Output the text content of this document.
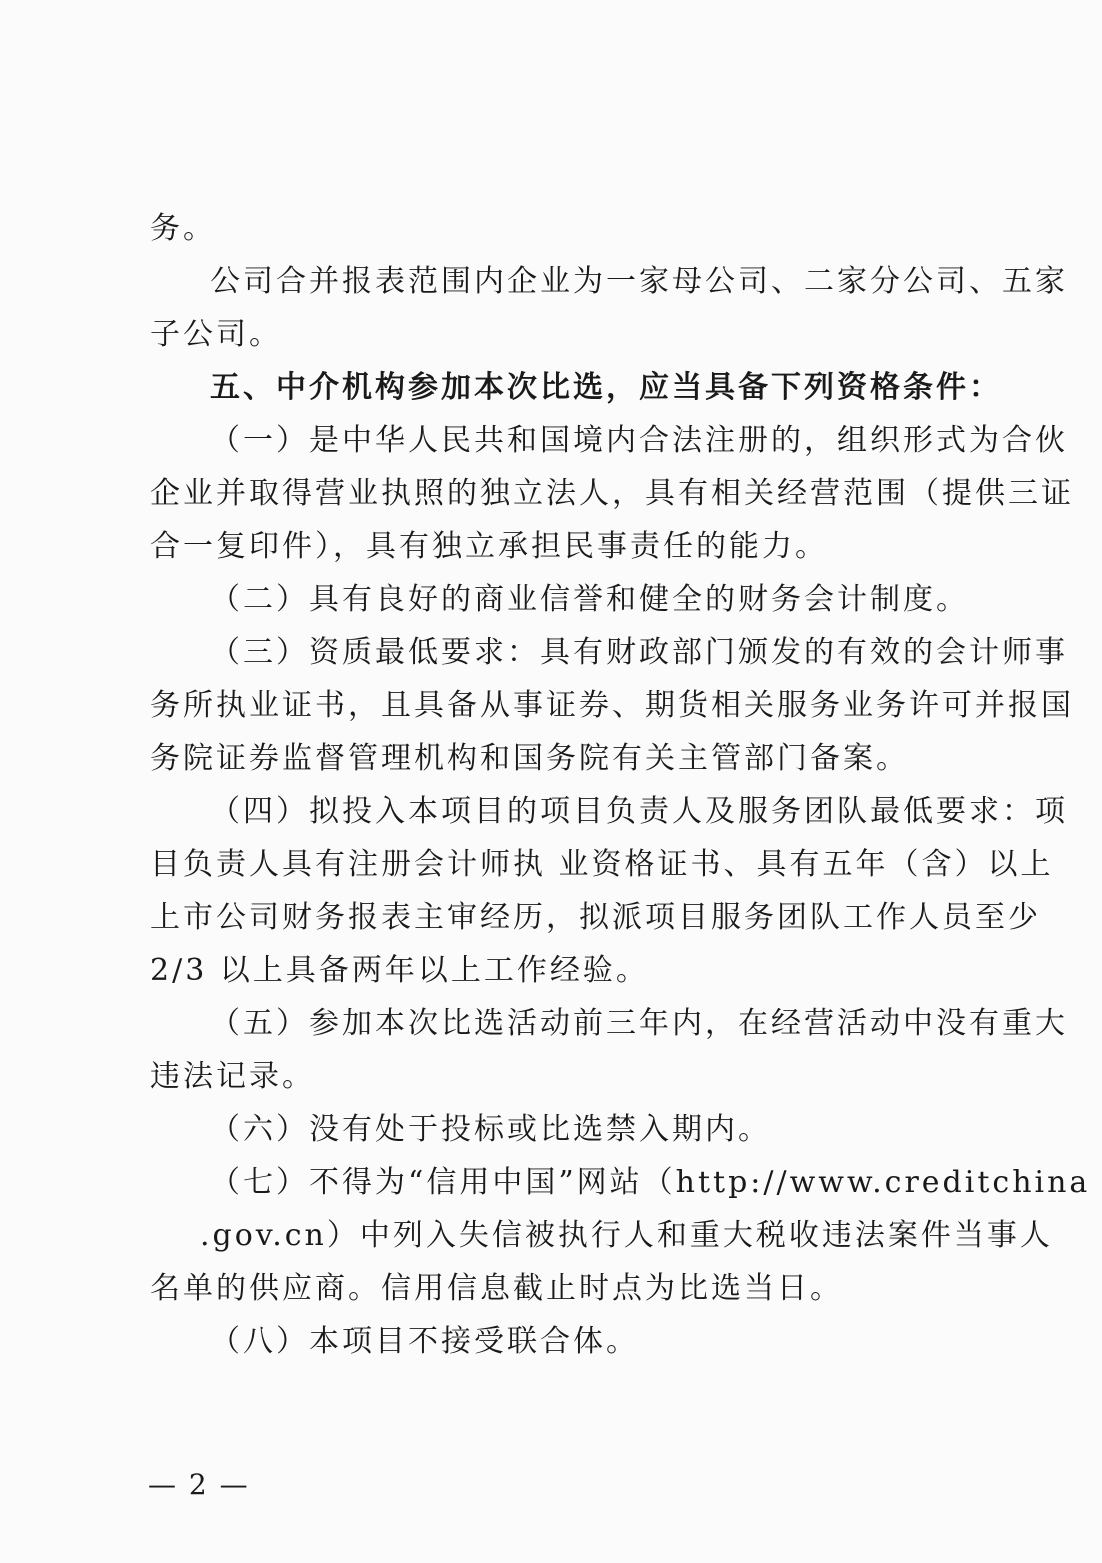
务。
公司合并报表范围内企业为一家母公司、二家分公司、五家
子公司。
五、中介机构参加本次比选，应当具备下列资格条件：
（一）是中华人民共和国境内合法注册的，组织形式为合伙
企业并取得营业执照的独立法人，具有相关经营范围（提供三证
合一复印件），具有独立承担民事责任的能力。
（二）具有良好的商业信誉和健全的财务会计制度。
（三）资质最低要求：具有财政部门颁发的有效的会计师事
务所执业证书，且具备从事证券、期货相关服务业务许可并报国
务院证券监督管理机构和国务院有关主管部门备案。
（四）拟投入本项目的项目负责人及服务团队最低要求：项
目负责人具有注册会计师执 业资格证书、具有五年（含）以上
上市公司财务报表主审经历，拟派项目服务团队工作人员至少
2/3 以上具备两年以上工作经验。
（五）参加本次比选活动前三年内，在经营活动中没有重大
违法记录。
（六）没有处于投标或比选禁入期内。
（七）不得为“信用中国”网站（http://www.creditchina
.gov.cn）中列入失信被执行人和重大税收违法案件当事人
名单的供应商。信用信息截止时点为比选当日。
（八）本项目不接受联合体。
— 2 —
